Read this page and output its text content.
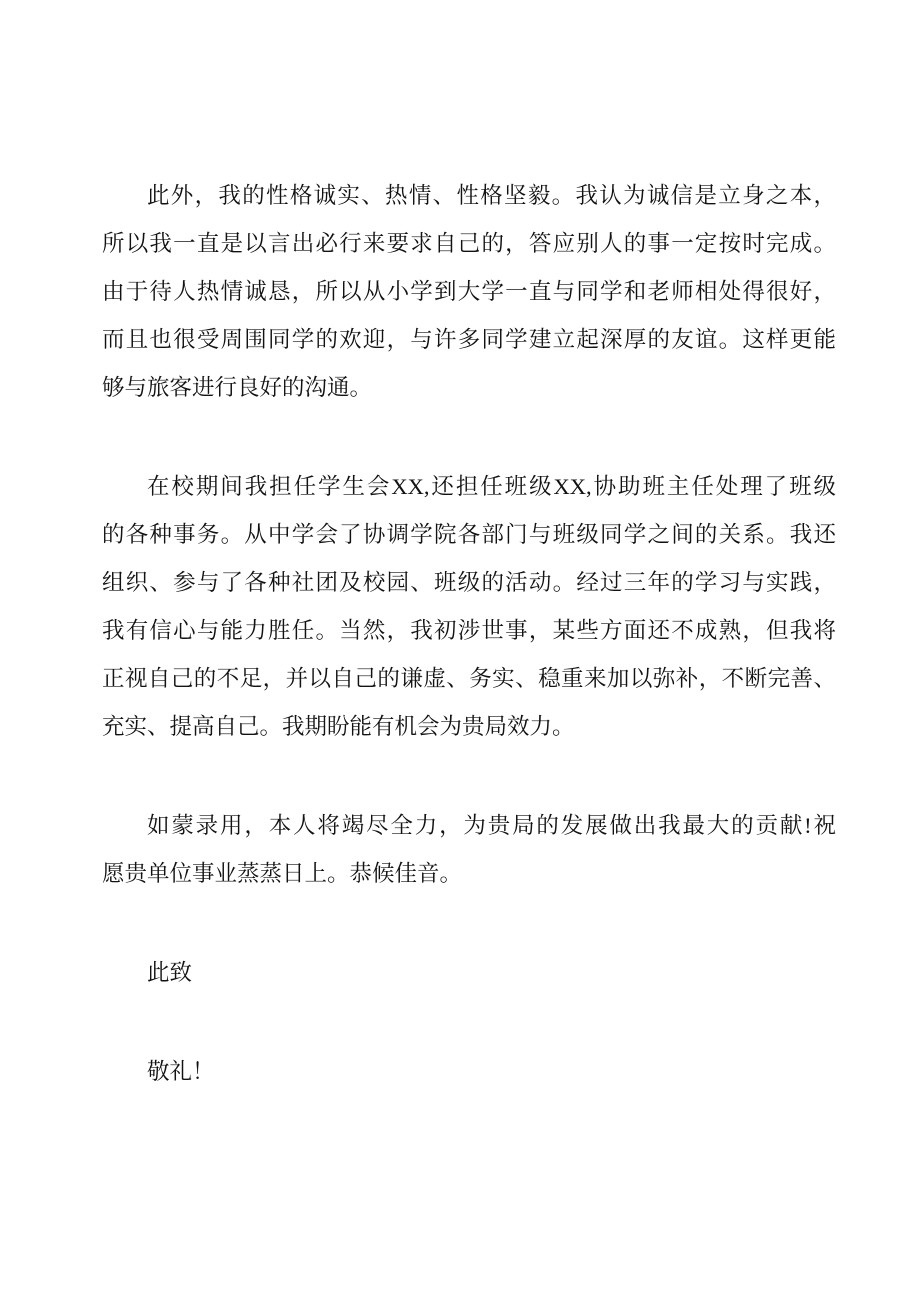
此外，我的性格诚实、热情、性格坚毅。我认为诚信是立身之本，
所以我一直是以言出必行来要求自己的，答应别人的事一定按时完成。
由于待人热情诚恳，所以从小学到大学一直与同学和老师相处得很好，
而且也很受周围同学的欢迎，与许多同学建立起深厚的友谊。这样更能
够与旅客进行良好的沟通。
在校期间我担任学生会XX,还担任班级XX,协助班主任处理了班级
的各种事务。从中学会了协调学院各部门与班级同学之间的关系。我还
组织、参与了各种社团及校园、班级的活动。经过三年的学习与实践，
我有信心与能力胜任。当然，我初涉世事，某些方面还不成熟，但我将
正视自己的不足，并以自己的谦虚、务实、稳重来加以弥补，不断完善、
充实、提高自己。我期盼能有机会为贵局效力。
如蒙录用，本人将竭尽全力，为贵局的发展做出我最大的贡献!祝
愿贵单位事业蒸蒸日上。恭候佳音。
此致
敬礼！
